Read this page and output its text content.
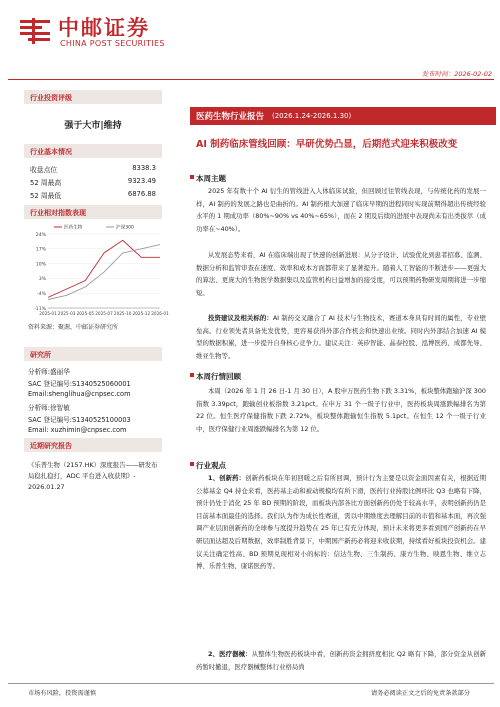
中邮证券
CHINA POST SECURITIES
发布时间：2026-02-02
行业投资评级
强于大市|维持
行业基本情况
收盘点位	8338.3
52 周最高	9323.49
52 周最低	6876.88
行业相对指数表现
24%
17%
10%
3%
-4%
-11%
2025-01 2025-03 2025-05 2025-07 2025-10 2025-12 2026-01
医药生物	沪深300
资料来源：聚源，中邮证券研究所
研究所
分析师:盛丽华
SAC 登记编号:S1340525060001
Email:shenglihua@cnpsec.com
分析师:徐智敏
SAC 登记编号:S1340525100003
Email: xuzhimin@cnpsec.com
近期研究报告
《乐普生物（2157.HK）深度报告——研发布局稳扎稳打，ADC 平台进入收获期》- 2026.01.27
医药生物行业报告 (2026.1.24-2026.1.30)
AI 制药临床管线回顾：早研优势凸显，后期范式迎来积极改变
本周主题
2025 年有数十个 AI 衍生的管线进入人体临床试验，但回顾过往管线表现，与传统化药的发展一样，AI 制药的发展之路也是曲折的。AI 制药根大加速了临床早期的进程同时实现前期得超出传统经验水平的 1 期成功率（80%~90% vs 40%~65%），而在 2 期及后续的进展中表现尚未有出类拔萃（成功率在~40%）。
从发展态势来看，AI 在临床端出现了快速的创新进展：从分子设计、试验优化到患者招募、监测、数据分析和监管审查在速度、效率和成本方面都带来了显著提升。随着人工智能的不断进步——更强大的算法、更庞大的生物医学数据集以及监管机构日益增加的接受度，可以预期药物研发周期将进一步缩短。
投资建议及相关标的：AI 制药交叉融合了 AI 技术与生物技术，赛道本身具有时间的属性，专业壁垒高。行业领先者具备先发优势，更容易获得外部合作机会和快速出业绩。同时内外部结合加速 AI 模型的数据积累，进一步提升自身核心竞争力。建议关注：英矽智能、晶泰控股、泓博医药、成都先导、维亚生物等。
本周行情回顾
本周（2026 年 1 月 26 日-1 月 30 日），A 股申万医药生物下跌 3.31%，板块整体跑输沪深 300 指数 3.39pct，跑输创业板指数 3.21pct。在申万 31 个一级子行业中，医药板块周涨跌幅排名为第 22 位。恒生医疗保健指数下跌 2.72%，板块整体跑输恒生指数 5.1pct。在恒生 12 个一级子行业中，医疗保健行业周涨跌幅排名为第 12 位。
行业观点
1、创新药：创新药板块在年初回暖之后有所回调，预计行为主要是以资金面因素有关，根据近期公募基金 Q4 持仓来看，医药基主动和被动规模均有所下滑，医药行业持股比例环比 Q3 也略有下降，预计仍处于消化 25 年 BD 预期的阶段，而板块内部各比方面创新药仍处于较高水平，表明创新药仍是目前基本面最佳的选择。我们认为作为成长性赛道，需以中期维度去理解目前的市值和基本面，再次强调产业层面创新药的全球参与度提升趋势在 25 年已有充分体现，预计未来将更多看到国产创新药在早研层面达超及后期数据，效率制胜背景下，中期国产新药必将迎来收获期，持续看好板块投资机会。建议关注确定性高、BD 预期兑现相对小的标的：信达生物、三生制药、康方生物、映恩生物、维立志博、乐普生物、康诺医药等。
2、医疗器械：从整体生物医药板块中看，创新药资金拥挤度相比 Q2 略有下降，部分资金从创新药暂时撤退，医疗器械整体行业格局尚
市场有风险，投资需谨慎	请务必阅读正文之后的免责条款部分
